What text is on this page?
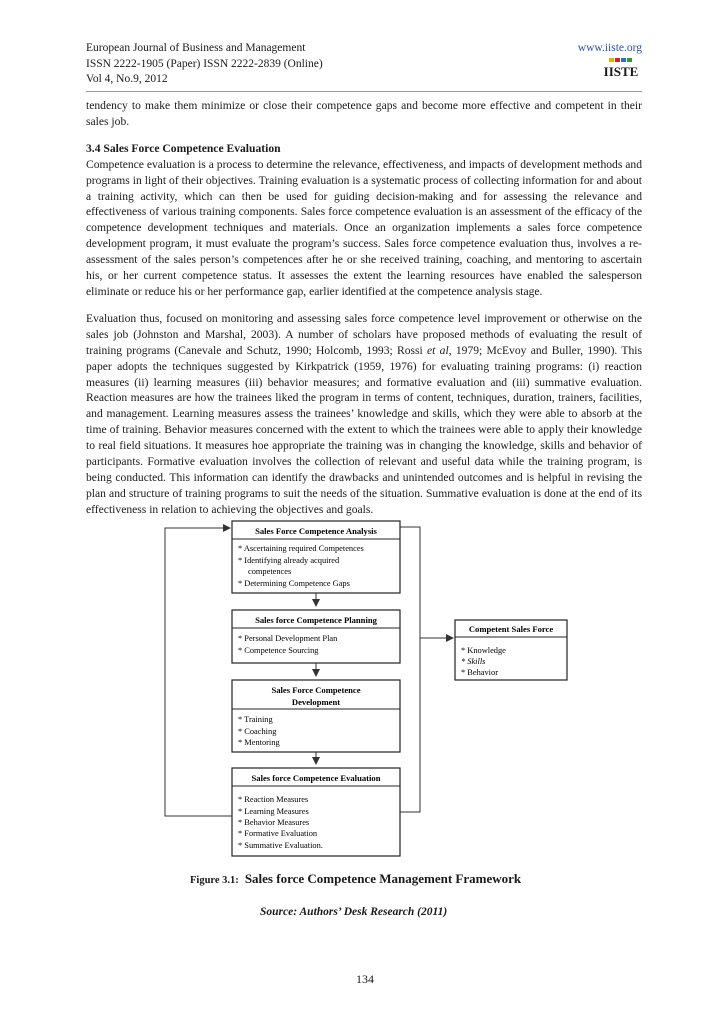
European Journal of Business and Management
ISSN 2222-1905 (Paper) ISSN 2222-2839 (Online)
Vol 4, No.9, 2012
www.iiste.org
IISTE

tendency to make them minimize or close their competence gaps and become more effective and competent in their sales job.

3.4 Sales Force Competence Evaluation

Competence evaluation is a process to determine the relevance, effectiveness, and impacts of development methods and programs in light of their objectives. Training evaluation is a systematic process of collecting information for and about a training activity, which can then be used for guiding decision-making and for assessing the relevance and effectiveness of various training components. Sales force competence evaluation is an assessment of the efficacy of the competence development techniques and materials. Once an organization implements a sales force competence development program, it must evaluate the program’s success. Sales force competence evaluation thus, involves a re-assessment of the sales person’s competences after he or she received training, coaching, and mentoring to ascertain his, or her current competence status. It assesses the extent the learning resources have enabled the salesperson eliminate or reduce his or her performance gap, earlier identified at the competence analysis stage.

Evaluation thus, focused on monitoring and assessing sales force competence level improvement or otherwise on the sales job (Johnston and Marshal, 2003). A number of scholars have proposed methods of evaluating the result of training programs (Canevale and Schutz, 1990; Holcomb, 1993; Rossi et al, 1979; McEvoy and Buller, 1990). This paper adopts the techniques suggested by Kirkpatrick (1959, 1976) for evaluating training programs: (i) reaction measures (ii) learning measures (iii) behavior measures; and formative evaluation and (iii) summative evaluation. Reaction measures are how the trainees liked the program in terms of content, techniques, duration, trainers, facilities, and management. Learning measures assess the trainees’ knowledge and skills, which they were able to absorb at the time of training. Behavior measures concerned with the extent to which the trainees were able to apply their knowledge to real field situations. It measures hoe appropriate the training was in changing the knowledge, skills and behavior of participants. Formative evaluation involves the collection of relevant and useful data while the training program, is being conducted. This information can identify the drawbacks and unintended outcomes and is helpful in revising the plan and structure of training programs to suit the needs of the situation. Summative evaluation is done at the end of its effectiveness in relation to achieving the objectives and goals.

Sales Force Competence Analysis
* Ascertaining required Competences
* Identifying already acquired
competences
* Determining Competence Gaps
Sales force Competence Planning
* Personal Development Plan
* Competence Sourcing
Sales Force Competence
Development
* Training
* Coaching
* Mentoring
Sales force Competence Evaluation
* Reaction Measures
* Learning Measures
* Behavior Measures
* Formative Evaluation
* Summative Evaluation.
Competent Sales Force
* Knowledge
* Skills
* Behavior
Figure 3.1: Sales force Competence Management Framework
Source: Authors’ Desk Research (2011)
134
